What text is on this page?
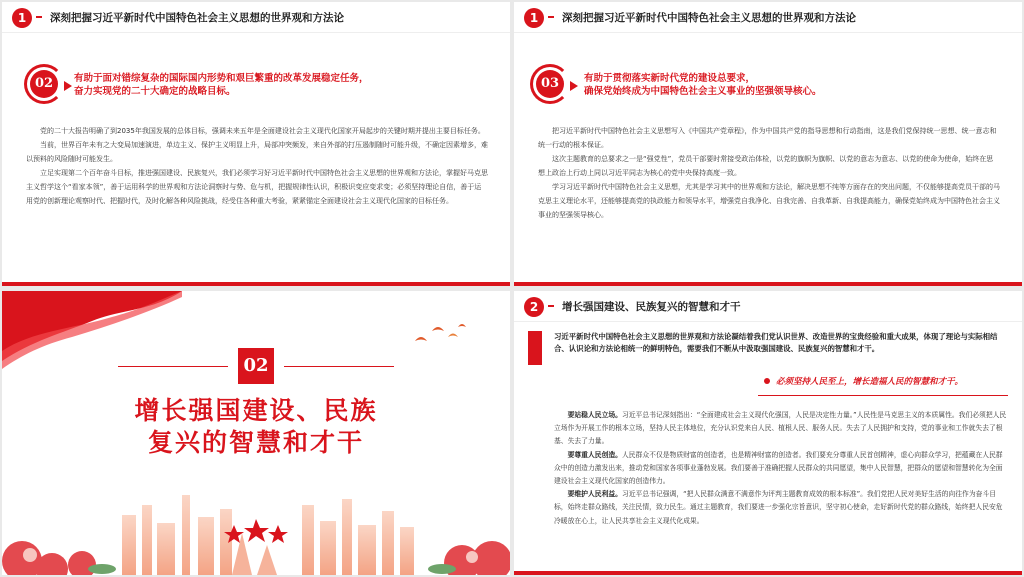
1	深刻把握习近平新时代中国特色社会主义思想的世界观和方法论
02	有助于面对错综复杂的国际国内形势和艰巨繁重的改革发展稳定任务，
奋力实现党的二十大确定的战略目标。

党的二十大报告明确了到2035年我国发展的总体目标，强调未来五年是全面建设社会主义现代化国家开局起步的关键时期并提出主要目标任务。

当前，世界百年未有之大变局加速演进，单边主义、保护主义明显上升，局部冲突频发，来自外部的打压遏制随时可能升级，不确定因素增多，难以预料的风险随时可能发生。

立足实现第二个百年奋斗目标，推进强国建设、民族复兴，我们必须学习好习近平新时代中国特色社会主义思想的世界观和方法论，掌握好马克思主义哲学这个“看家本领”，善于运用科学的世界观和方法论洞察时与势、危与机，把握规律性认识，积极识变应变求变；必须坚持理论自信，善于运用党的创新理论观察时代、把握时代，及时化解各种风险挑战，经受住各种重大考验，紧紧锚定全面建设社会主义现代化国家的目标任务。

1	深刻把握习近平新时代中国特色社会主义思想的世界观和方法论
03	有助于贯彻落实新时代党的建设总要求，
确保党始终成为中国特色社会主义事业的坚强领导核心。

把习近平新时代中国特色社会主义思想写入《中国共产党章程》，作为中国共产党的指导思想和行动指南，这是我们党保持统一思想、统一意志和统一行动的根本保证。

这次主题教育的总要求之一是“强党性”，党员干部要时常接受政治体检，以党的旗帜为旗帜、以党的意志为意志、以党的使命为使命，始终在思想上政治上行动上同以习近平同志为核心的党中央保持高度一致。

学习习近平新时代中国特色社会主义思想，尤其是学习其中的世界观和方法论，解决思想不纯等方面存在的突出问题，不仅能够提高党员干部的马克思主义理论水平，还能够提高党的执政能力和领导水平，增强党自我净化、自我完善、自我革新、自我提高能力，确保党始终成为中国特色社会主义事业的坚强领导核心。

02
增长强国建设、民族
复兴的智慧和才干
2	增长强国建设、民族复兴的智慧和才干
习近平新时代中国特色社会主义思想的世界观和方法论凝结着我们党认识世界、改造世界的宝贵经验和重大成果，体现了理论与实际相结合、认识论和方法论相统一的鲜明特色，需要我们不断从中汲取强国建设、民族复兴的智慧和才干。
必须坚持人民至上，增长造福人民的智慧和才干。

要站稳人民立场。习近平总书记深刻指出：“全面建成社会主义现代化强国，人民是决定性力量。”人民性是马克思主义的本质属性。我们必须把人民立场作为开展工作的根本立场，坚持人民主体地位，充分认识党来自人民、植根人民、服务人民。失去了人民拥护和支持，党的事业和工作就失去了根基、失去了力量。

要尊重人民创造。人民群众不仅是物质财富的创造者，也是精神财富的创造者。我们要充分尊重人民首创精神，虚心向群众学习，把蕴藏在人民群众中的创造力激发出来，推动党和国家各项事业蓬勃发展。我们要善于准确把握人民群众的共同愿望，集中人民智慧，把群众的愿望和智慧转化为全面建设社会主义现代化国家的创造伟力。

要维护人民利益。习近平总书记强调，“把人民群众满意不满意作为评判主题教育成效的根本标准”。我们党把人民对美好生活的向往作为奋斗目标，始终走群众路线，关注民情，致力民生。通过主题教育，我们要进一步强化宗旨意识，坚守初心使命，走好新时代党的群众路线，始终把人民安危冷暖放在心上，让人民共享社会主义现代化成果。
